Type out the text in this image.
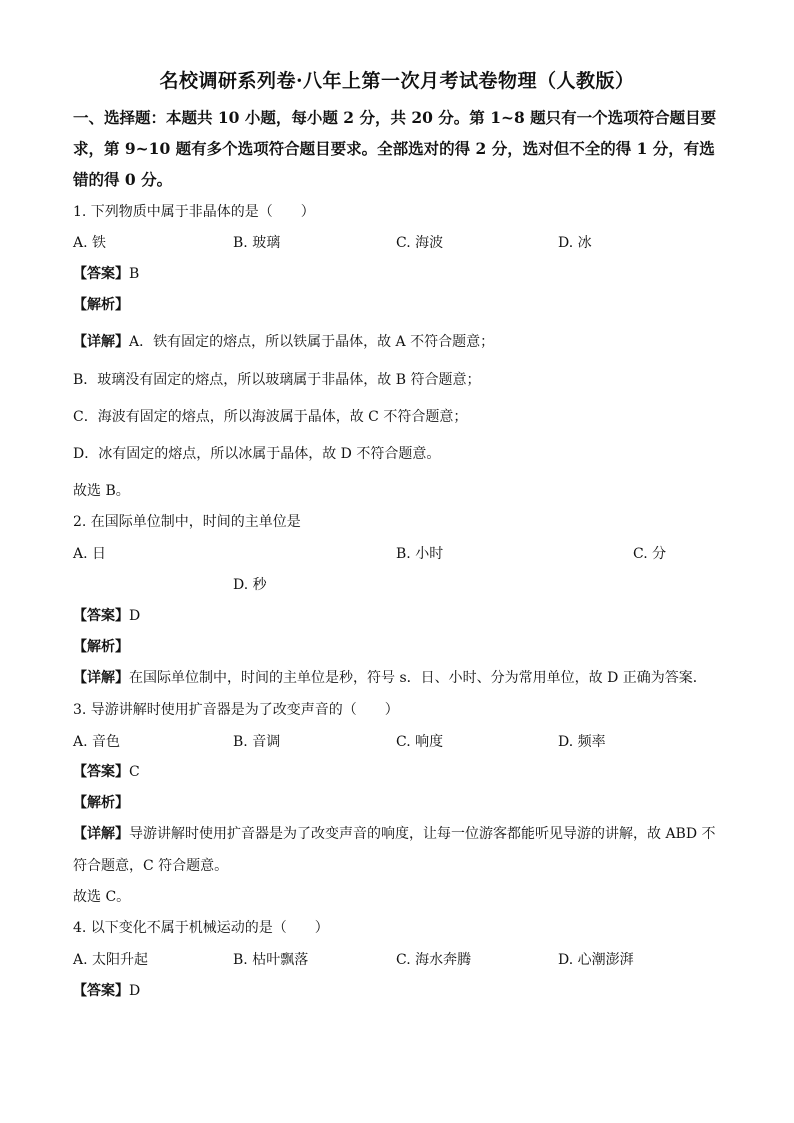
名校调研系列卷·八年上第一次月考试卷物理（人教版）
一、选择题：本题共 10 小题，每小题 2 分，共 20 分。第 1~8 题只有一个选项符合题目要
求，第 9~10 题有多个选项符合题目要求。全部选对的得 2 分，选对但不全的得 1 分，有选
错的得 0 分。
1. 下列物质中属于非晶体的是（　　）
A. 铁	B. 玻璃	C. 海波	D. 冰
【答案】B
【解析】
【详解】A．铁有固定的熔点，所以铁属于晶体，故 A 不符合题意；
B．玻璃没有固定的熔点，所以玻璃属于非晶体，故 B 符合题意；
C．海波有固定的熔点，所以海波属于晶体，故 C 不符合题意；
D．冰有固定的熔点，所以冰属于晶体，故 D 不符合题意。
故选 B。
2. 在国际单位制中，时间的主单位是
A. 日	B. 小时	C. 分
D. 秒
【答案】D
【解析】
【详解】在国际单位制中，时间的主单位是秒，符号 s．日、小时、分为常用单位，故 D 正确为答案．
3. 导游讲解时使用扩音器是为了改变声音的（　　）
A. 音色	B. 音调	C. 响度	D. 频率
【答案】C
【解析】
【详解】导游讲解时使用扩音器是为了改变声音的响度，让每一位游客都能听见导游的讲解，故 ABD 不
符合题意，C 符合题意。
故选 C。
4. 以下变化不属于机械运动的是（　　）
A. 太阳升起	B. 枯叶飘落	C. 海水奔腾	D. 心潮澎湃
【答案】D
